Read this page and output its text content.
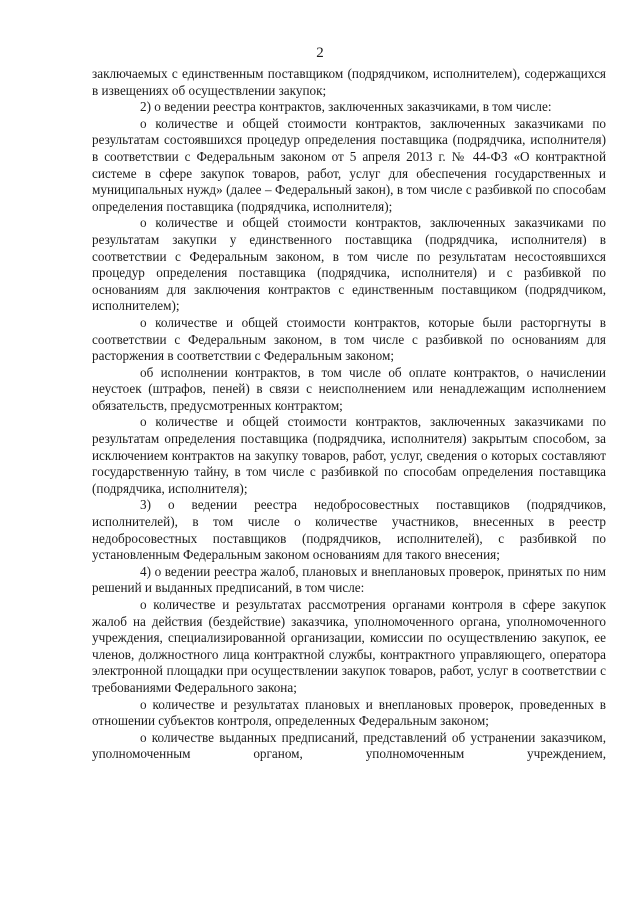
2

заключаемых с единственным поставщиком (подрядчиком, исполнителем), содержащихся в извещениях об осуществлении закупок;

2) о ведении реестра контрактов, заключенных заказчиками, в том числе:

о количестве и общей стоимости контрактов, заключенных заказчиками по результатам состоявшихся процедур определения поставщика (подрядчика, исполнителя) в соответствии с Федеральным законом от 5 апреля 2013 г. № 44-ФЗ «О контрактной системе в сфере закупок товаров, работ, услуг для обеспечения государственных и муниципальных нужд» (далее – Федеральный закон), в том числе с разбивкой по способам определения поставщика (подрядчика, исполнителя);

о количестве и общей стоимости контрактов, заключенных заказчиками по результатам закупки у единственного поставщика (подрядчика, исполнителя) в соответствии с Федеральным законом, в том числе по результатам несостоявшихся процедур определения поставщика (подрядчика, исполнителя) и с разбивкой по основаниям для заключения контрактов с единственным поставщиком (подрядчиком, исполнителем);

о количестве и общей стоимости контрактов, которые были расторгнуты в соответствии с Федеральным законом, в том числе с разбивкой по основаниям для расторжения в соответствии с Федеральным законом;

об исполнении контрактов, в том числе об оплате контрактов, о начислении неустоек (штрафов, пеней) в связи с неисполнением или ненадлежащим исполнением обязательств, предусмотренных контрактом;

о количестве и общей стоимости контрактов, заключенных заказчиками по результатам определения поставщика (подрядчика, исполнителя) закрытым способом, за исключением контрактов на закупку товаров, работ, услуг, сведения о которых составляют государственную тайну, в том числе с разбивкой по способам определения поставщика (подрядчика, исполнителя);

3) о ведении реестра недобросовестных поставщиков (подрядчиков, исполнителей), в том числе о количестве участников, внесенных в реестр недобросовестных поставщиков (подрядчиков, исполнителей), с разбивкой по установленным Федеральным законом основаниям для такого внесения;

4) о ведении реестра жалоб, плановых и внеплановых проверок, принятых по ним решений и выданных предписаний, в том числе:

о количестве и результатах рассмотрения органами контроля в сфере закупок жалоб на действия (бездействие) заказчика, уполномоченного органа, уполномоченного учреждения, специализированной организации, комиссии по осуществлению закупок, ее членов, должностного лица контрактной службы, контрактного управляющего, оператора электронной площадки при осуществлении закупок товаров, работ, услуг в соответствии с требованиями Федерального закона;

о количестве и результатах плановых и внеплановых проверок, проведенных в отношении субъектов контроля, определенных Федеральным законом;

о количестве выданных предписаний, представлений об устранении заказчиком, уполномоченным органом, уполномоченным учреждением,
